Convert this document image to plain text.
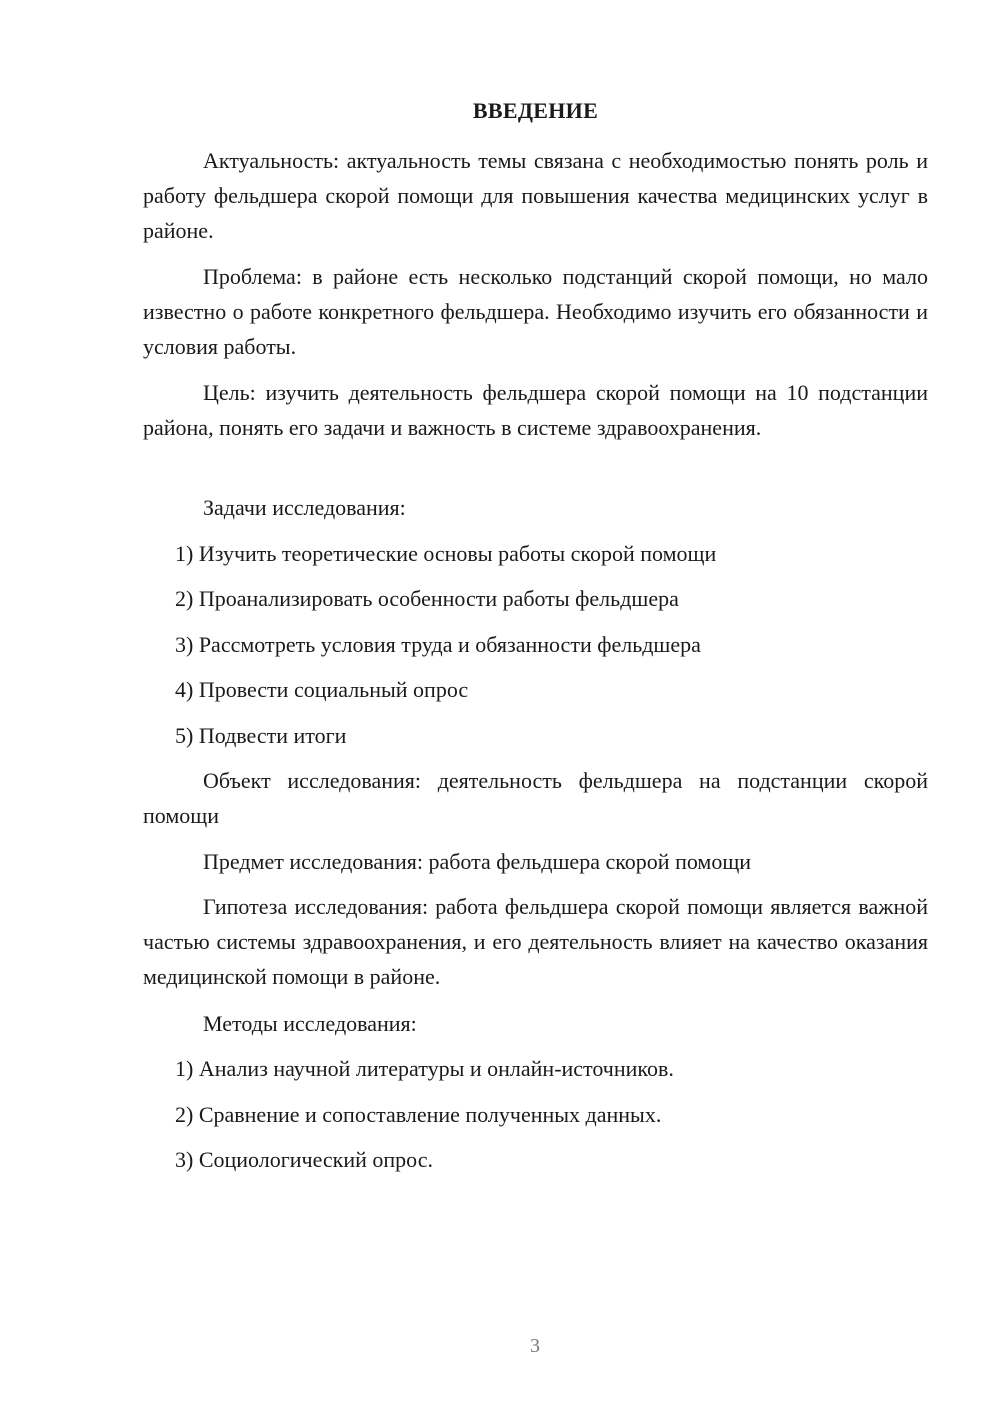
ВВЕДЕНИЕ

Актуальность: актуальность темы связана с необходимостью понять роль и работу фельдшера скорой помощи для повышения качества медицинских услуг в районе.

Проблема: в районе есть несколько подстанций скорой помощи, но мало известно о работе конкретного фельдшера. Необходимо изучить его обязанности и условия работы.

Цель: изучить деятельность фельдшера скорой помощи на 10 подстанции района, понять его задачи и важность в системе здравоохранения.

Задачи исследования:

1) Изучить теоретические основы работы скорой помощи

2) Проанализировать особенности работы фельдшера

3) Рассмотреть условия труда и обязанности фельдшера

4) Провести социальный опрос

5) Подвести итоги

Объект исследования: деятельность фельдшера на подстанции скорой помощи

Предмет исследования: работа фельдшера скорой помощи

Гипотеза исследования: работа фельдшера скорой помощи является важной частью системы здравоохранения, и его деятельность влияет на качество оказания медицинской помощи в районе.

Методы исследования:

1) Анализ научной литературы и онлайн-источников.

2) Сравнение и сопоставление полученных данных.

3) Социологический опрос.

3
